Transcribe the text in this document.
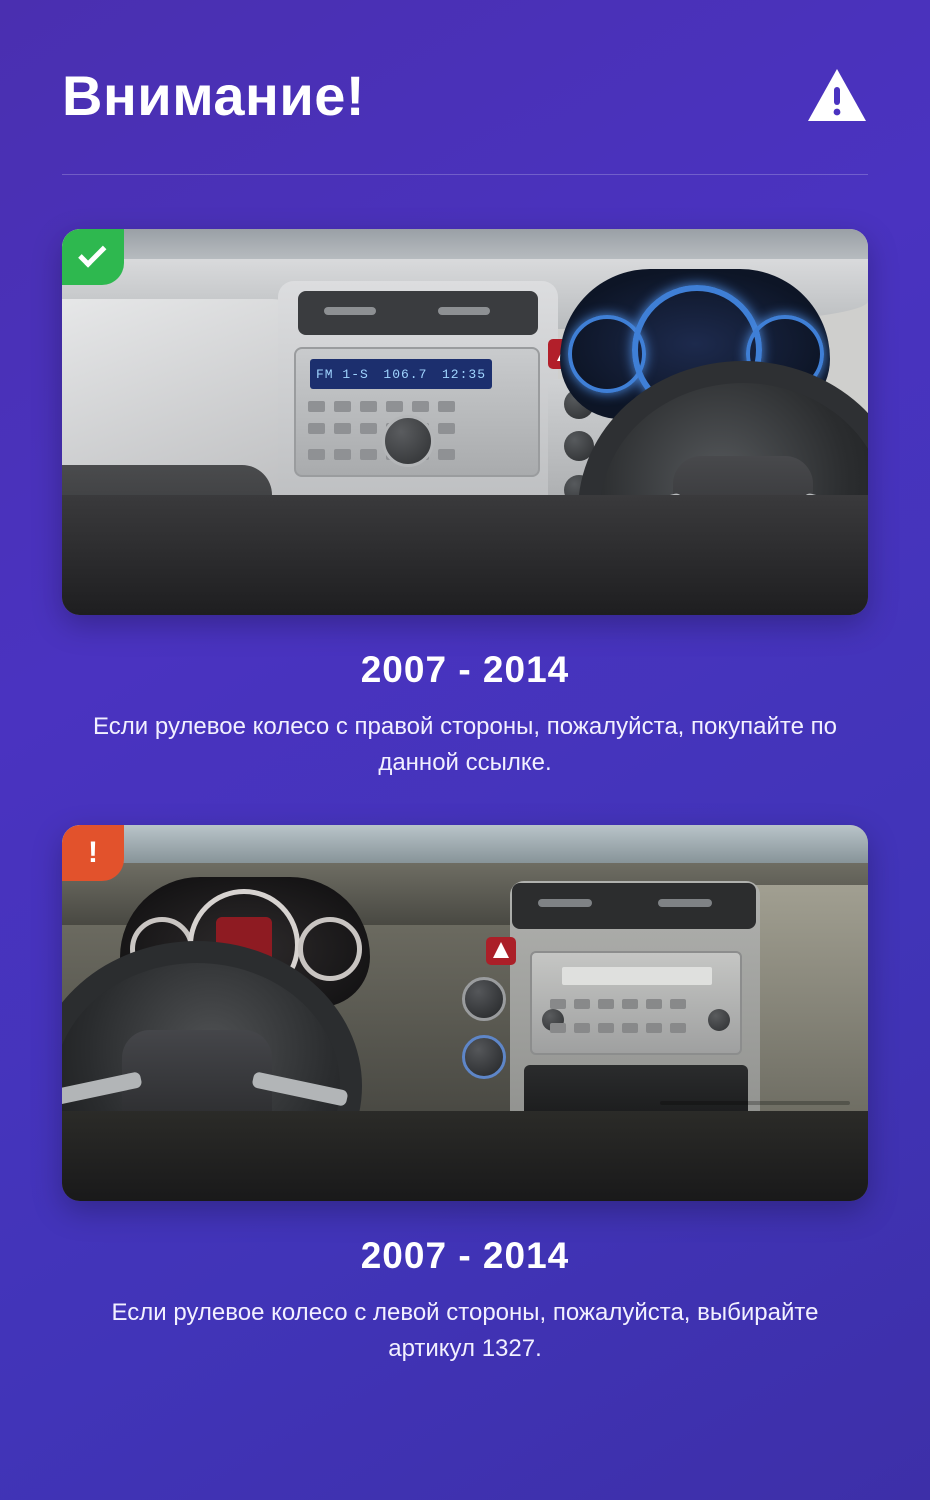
Внимание!
FM 1-S 106.7 12:35
2007 - 2014
Если рулевое колесо с правой стороны, пожалуйста, покупайте по данной ссылке.
!
2007 - 2014
Если рулевое колесо с левой стороны, пожалуйста, выбирайте артикул 1327.
